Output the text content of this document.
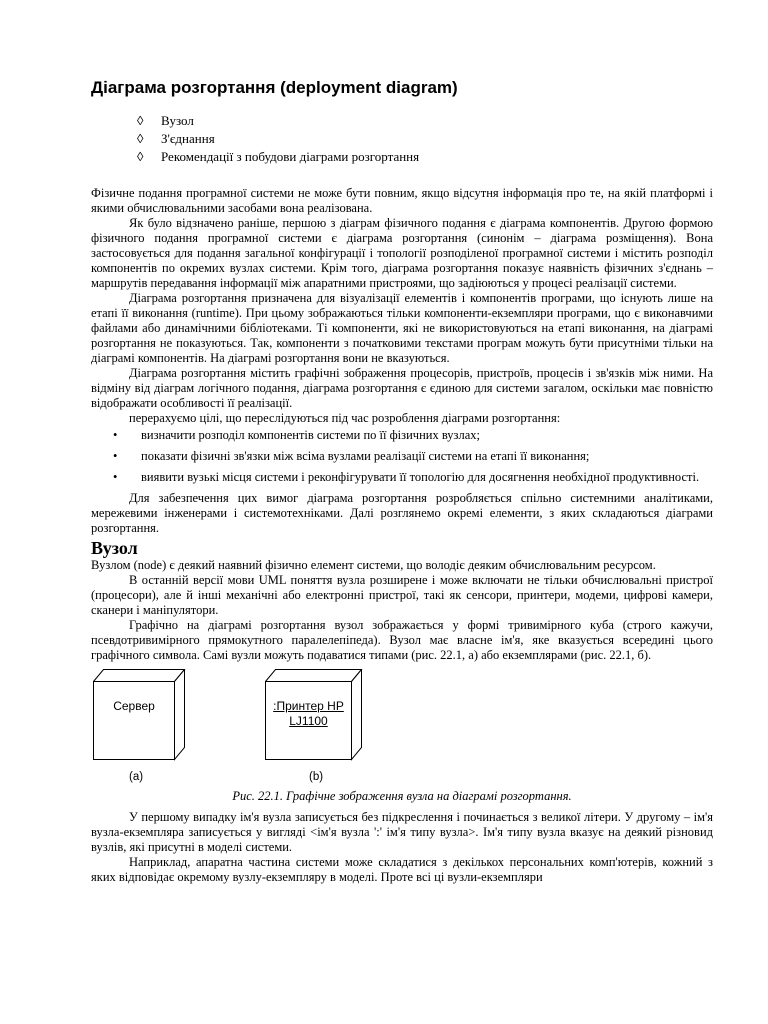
Діаграма розгортання (deployment diagram)
◊	Вузол
◊	З'єднання
◊	Рекомендації з побудови діаграми розгортання

Фізичне подання програмної системи не може бути повним, якщо відсутня інформація про те, на якій платформі і якими обчислювальними засобами вона реалізована.

Як було відзначено раніше, першою з діаграм фізичного подання є діаграма компонентів. Другою формою фізичного подання програмної системи є діаграма розгортання (синонім – діаграма розміщення). Вона застосовується для подання загальної конфігурації і топології розподіленої програмної системи і містить розподіл компонентів по окремих вузлах системи. Крім того, діаграма розгортання показує наявність фізичних з'єднань – маршрутів передавання інформації між апаратними пристроями, що задіюються у процесі реалізації системи.

Діаграма розгортання призначена для візуалізації елементів і компонентів програми, що існують лише на етапі її виконання (runtime). При цьому зображаються тільки компоненти-екземпляри програми, що є виконавчими файлами або динамічними бібліотеками. Ті компоненти, які не використовуються на етапі виконання, на діаграмі розгортання не показуються. Так, компоненти з початковими текстами програм можуть бути присутніми тільки на діаграмі компонентів. На діаграмі розгортання вони не вказуються.

Діаграма розгортання містить графічні зображення процесорів, пристроїв, процесів і зв'язків між ними. На відміну від діаграм логічного подання, діаграма розгортання є єдиною для системи загалом, оскільки має повністю відображати особливості її реалізації.

перерахуємо цілі, що переслідуються під час розроблення діаграми розгортання:

•	визначити розподіл компонентів системи по її фізичних вузлах;
•	показати фізичні зв'язки між всіма вузлами реалізації системи на етапі її виконання;
•	виявити вузькі місця системи і реконфігурувати її топологію для досягнення необхідної продуктивності.

Для забезпечення цих вимог діаграма розгортання розробляється спільно системними аналітиками, мережевими інженерами і системотехніками. Далі розглянемо окремі елементи, з яких складаються діаграми розгортання.

Вузол

Вузлом (node) є деякий наявний фізично елемент системи, що володіє деяким обчислювальним ресурсом.

В останній версії мови UML поняття вузла розширене і може включати не тільки обчислювальні пристрої (процесори), але й інші механічні або електронні пристрої, такі як сенсори, принтери, модеми, цифрові камери, сканери і маніпулятори.

Графічно на діаграмі розгортання вузол зображається у формі тривимірного куба (строго кажучи, псевдотривимірного прямокутного паралелепіпеда). Вузол має власне ім'я, яке вказується всередині цього графічного символа. Самі вузли можуть подаватися типами (рис. 22.1, а) або екземплярами (рис. 22.1, б).

Сервер	:Принтер HP
LJ1100
(a)	(b)

Рис. 22.1. Графічне зображення вузла на діаграмі розгортання.

У першому випадку ім'я вузла записується без підкреслення і починається з великої літери. У другому – ім'я вузла-екземпляра записується у вигляді <ім'я вузла ':' ім'я типу вузла>. Ім'я типу вузла вказує на деякий різновид вузлів, які присутні в моделі системи.

Наприклад, апаратна частина системи може складатися з декількох персональних комп'ютерів, кожний з яких відповідає окремому вузлу-екземпляру в моделі. Проте всі ці вузли-екземпляри
